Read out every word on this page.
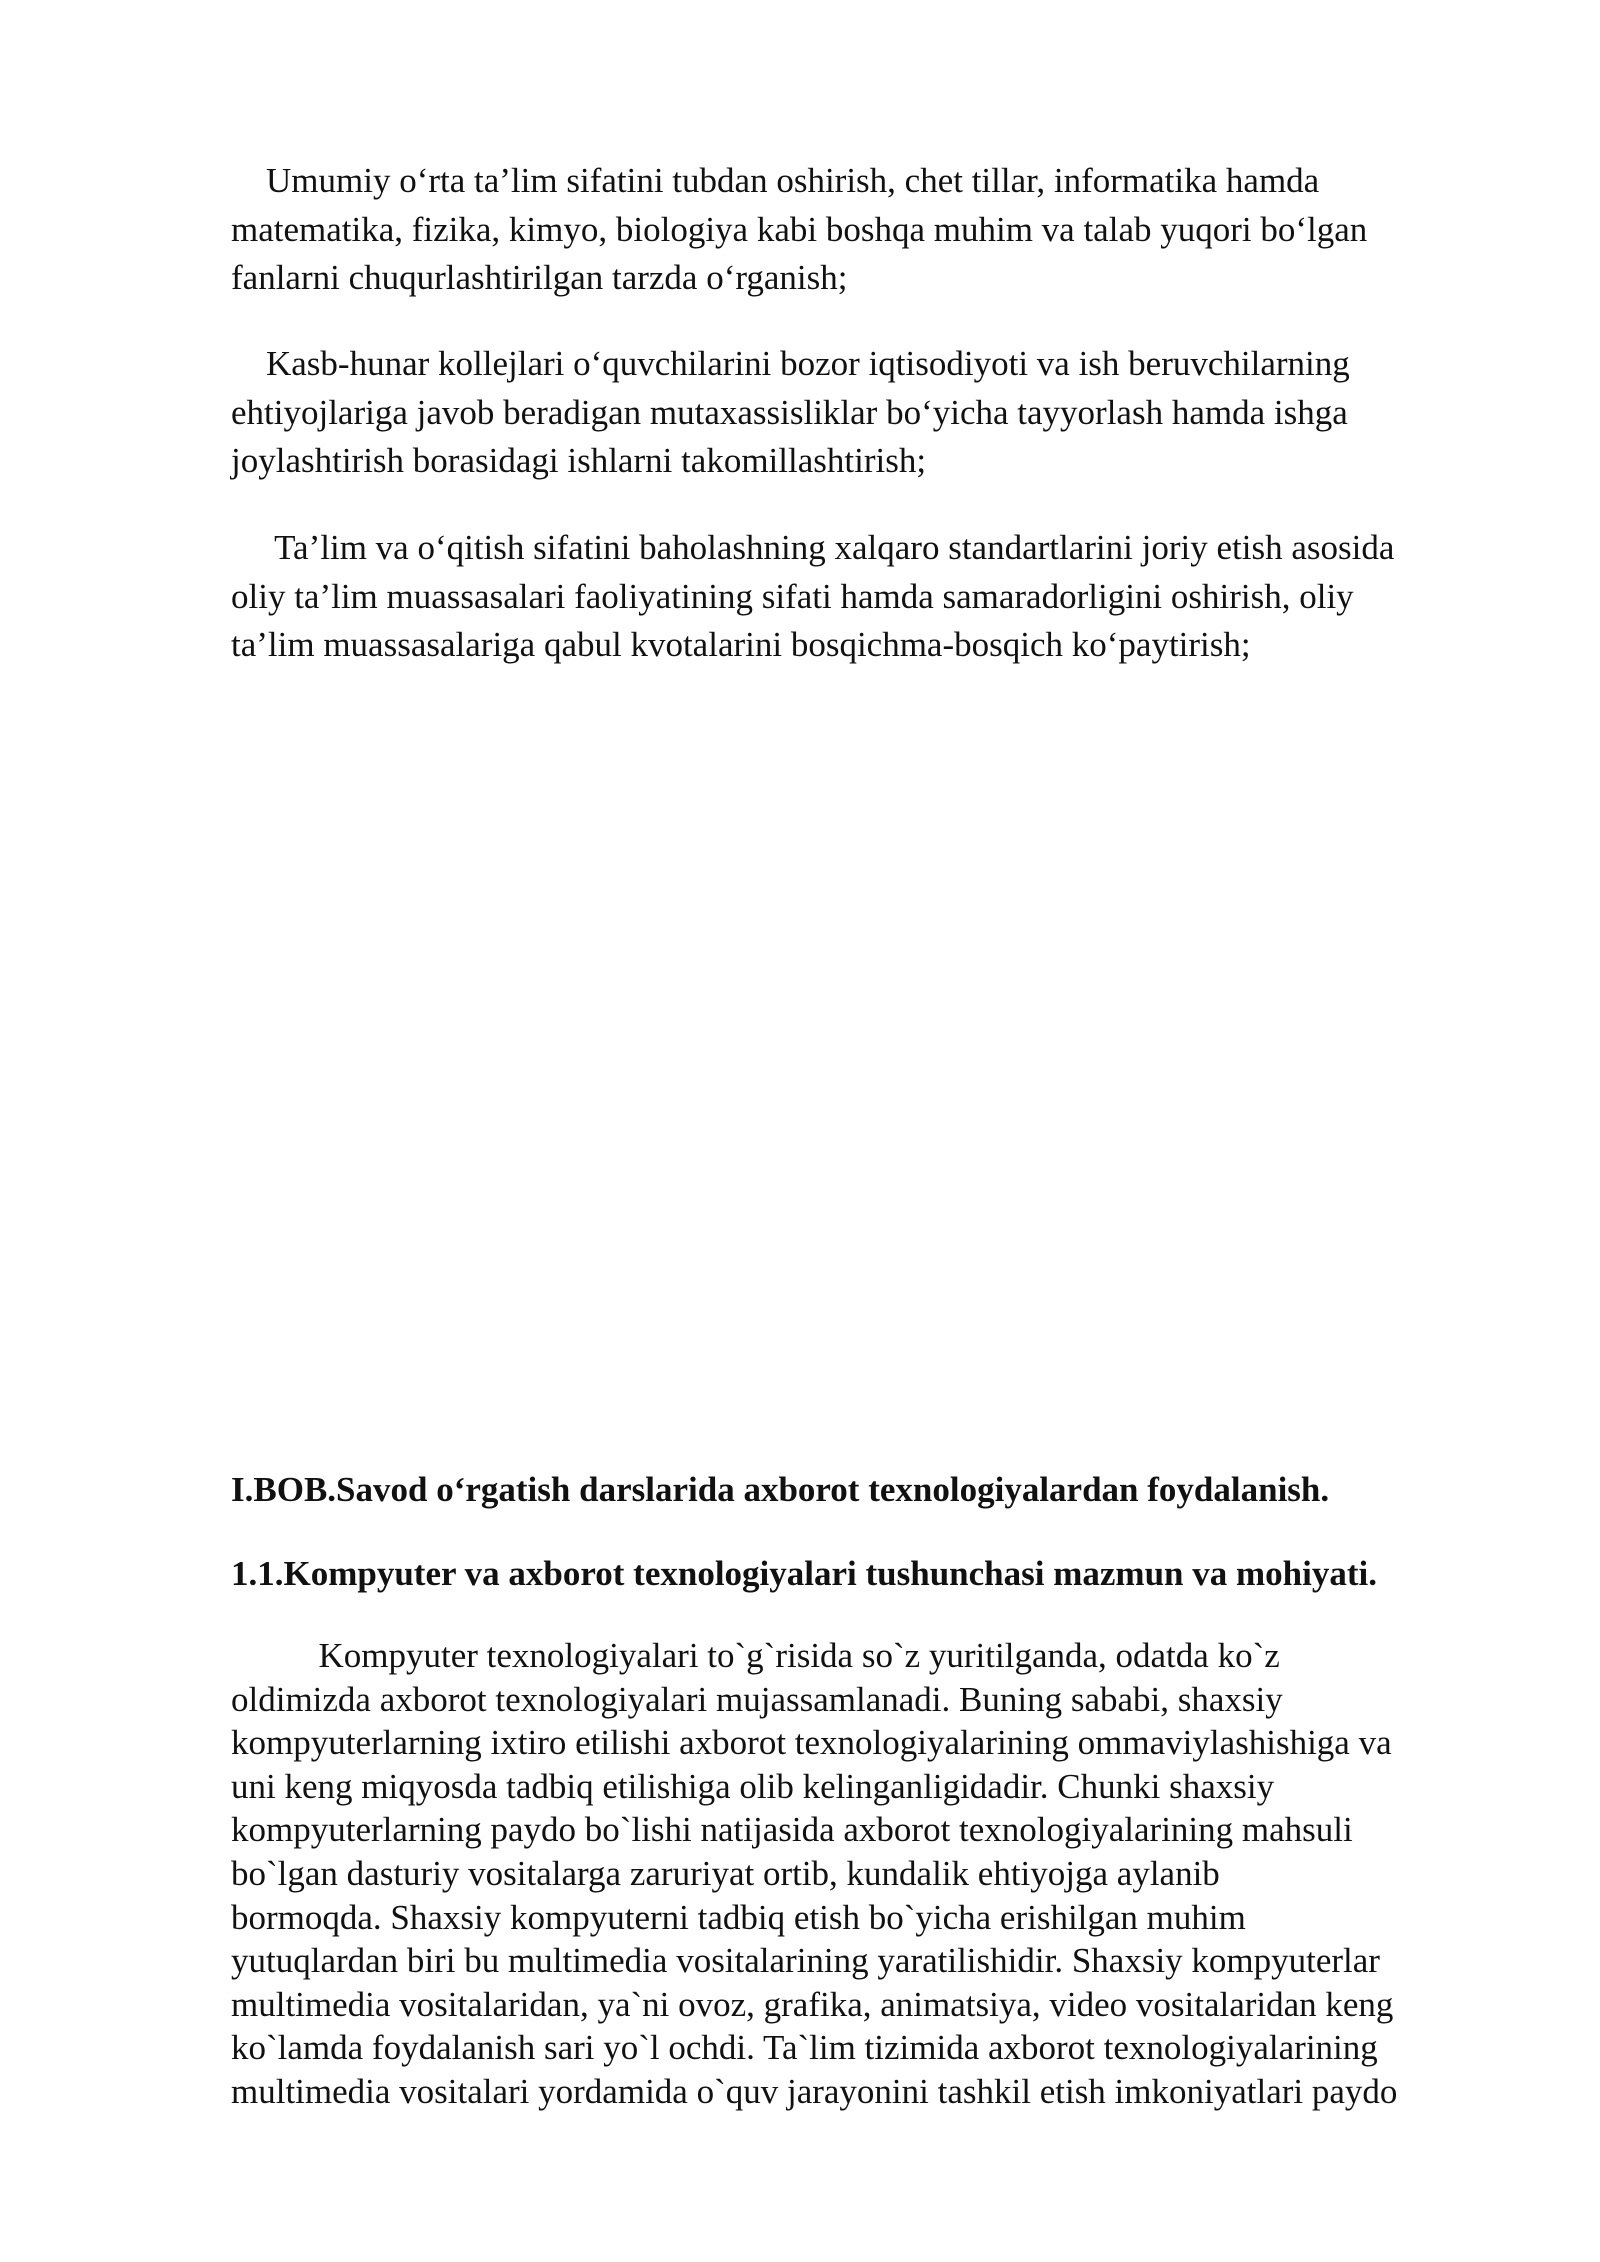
Umumiy o‘rta ta’lim sifatini tubdan oshirish, chet tillar, informatika hamda
matematika, fizika, kimyo, biologiya kabi boshqa muhim va talab yuqori bo‘lgan
fanlarni chuqurlashtirilgan tarzda o‘rganish;
Kasb-hunar kollejlari o‘quvchilarini bozor iqtisodiyoti va ish beruvchilarning
ehtiyojlariga javob beradigan mutaxassisliklar bo‘yicha tayyorlash hamda ishga
joylashtirish borasidagi ishlarni takomillashtirish;
Ta’lim va o‘qitish sifatini baholashning xalqaro standartlarini joriy etish asosida
oliy ta’lim muassasalari faoliyatining sifati hamda samaradorligini oshirish, oliy
ta’lim muassasalariga qabul kvotalarini bosqichma-bosqich ko‘paytirish;
I.BOB.Savod o‘rgatish darslarida axborot texnologiyalardan foydalanish.
1.1.Kompyuter va axborot texnologiyalari tushunchasi mazmun va mohiyati.
Kompyuter texnologiyalari to`g`risida so`z yuritilganda, odatda ko`z
oldimizda axborot texnologiyalari mujassamlanadi. Buning sababi, shaxsiy
kompyuterlarning ixtiro etilishi axborot texnologiyalarining ommaviylashishiga va
uni keng miqyosda tadbiq etilishiga olib kelinganligidadir. Chunki shaxsiy
kompyuterlarning paydo bo`lishi natijasida axborot texnologiyalarining mahsuli
bo`lgan dasturiy vositalarga zaruriyat ortib, kundalik ehtiyojga aylanib
bormoqda. Shaxsiy kompyuterni tadbiq etish bo`yicha erishilgan muhim
yutuqlardan biri bu multimedia vositalarining yaratilishidir. Shaxsiy kompyuterlar
multimedia vositalaridan, ya`ni ovoz, grafika, animatsiya, video vositalaridan keng
ko`lamda foydalanish sari yo`l ochdi. Ta`lim tizimida axborot texnologiyalarining
multimedia vositalari yordamida o`quv jarayonini tashkil etish imkoniyatlari paydo
